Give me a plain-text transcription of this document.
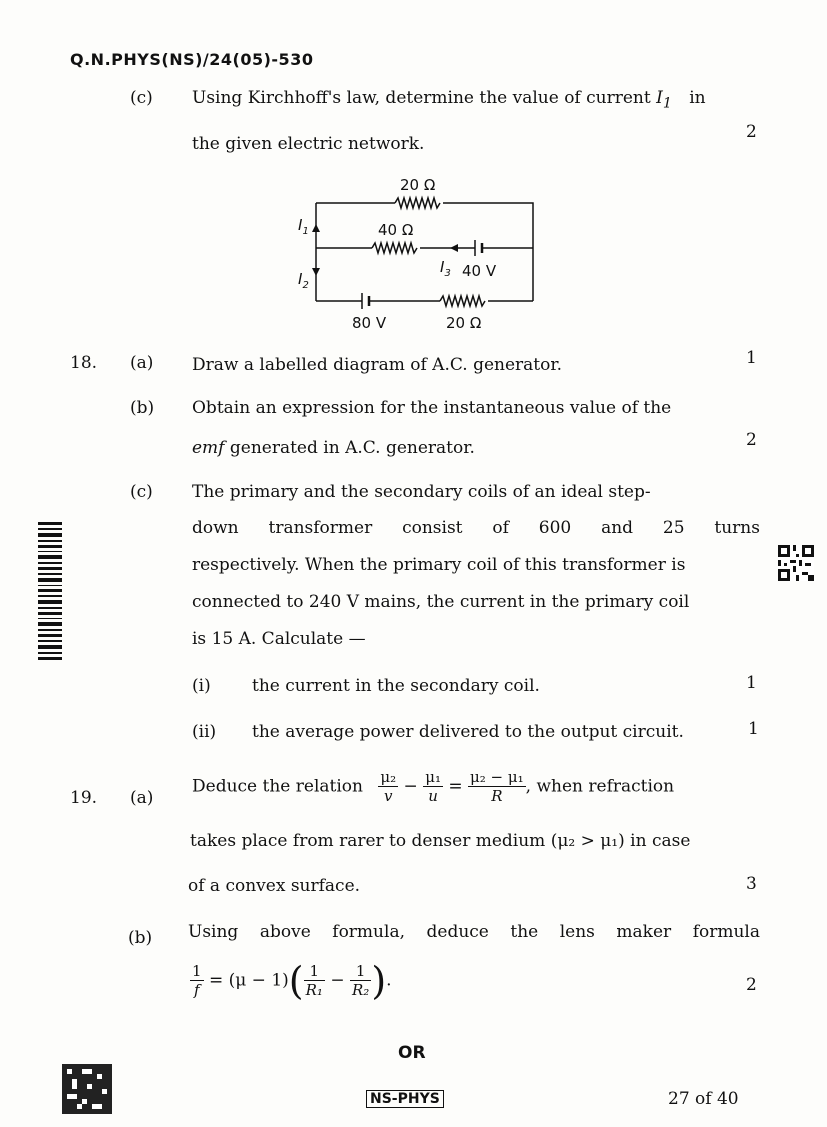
Q.N.PHYS(NS)/24(05)-530
(c) Using Kirchhoff's law, determine the value of current $I_1$ in
2
the given electric network.
20 Ω
40 Ω
40 V
80 V	20 Ω
$I_1$
$I_2$
$I_3$
18. (a) Draw a labelled diagram of A.C. generator.	1
(b) Obtain an expression for the instantaneous value of the
emf generated in A.C. generator.	2
(c) The primary and the secondary coils of an ideal step-
down transformer consist of 600 and 25 turns
respectively. When the primary coil of this transformer is
connected to 240 V mains, the current in the primary coil
is 15 A. Calculate —
(i) the current in the secondary coil.	1
(ii) the average power delivered to the output circuit.	1
19. (a)
Deduce the relation $\frac{\text{μ₂}}{v} - \frac{\text{μ₁}}{u} = \frac{\text{μ₂ − μ₁}}{R}$ , when refraction
takes place from rarer to denser medium (μ₂ > μ₁) in case
of a convex surface.	3
(b) Using above formula, deduce the lens maker formula
$\frac{1}{f} = (\mu - 1)( \frac{1}{\text{R₁}} - \frac{1}{\text{R₂}}$ ).	2
OR
NS-PHYS	27 of 40
